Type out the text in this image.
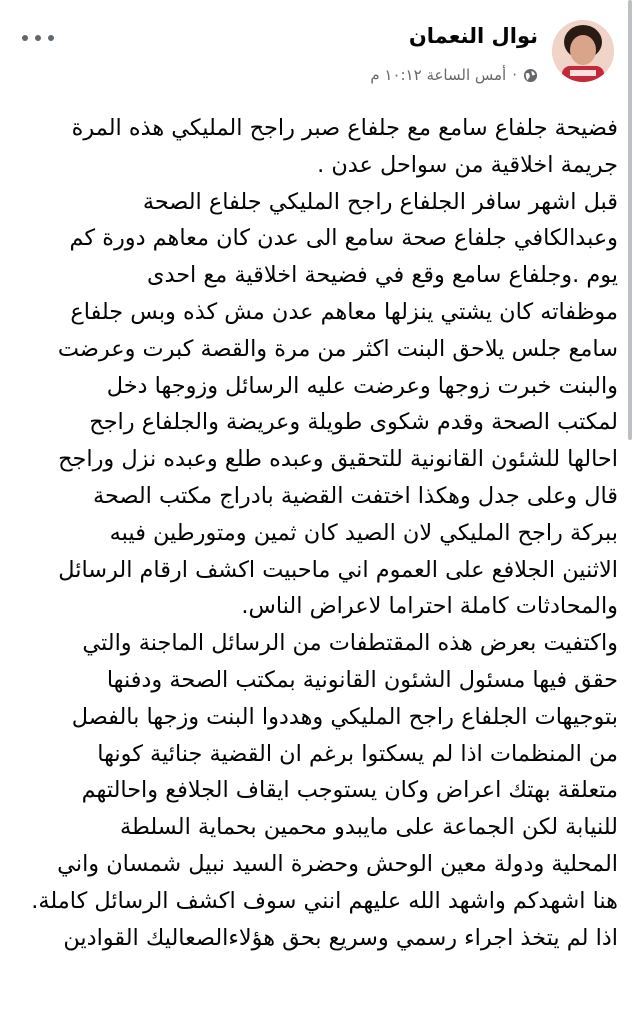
نوال النعمان
أمس الساعة ١٠:١٢ م ·

فضيحة جلفاع سامع مع جلفاع صبر راجح المليكي هذه المرة

جريمة اخلاقية من سواحل عدن .

قبل اشهر سافر الجلفاع راجح المليكي جلفاع الصحة

وعبدالكافي جلفاع صحة سامع الى عدن كان معاهم دورة كم

يوم .وجلفاع سامع وقع في فضيحة اخلاقية مع احدى

موظفاته كان يشتي ينزلها معاهم عدن مش كذه وبس جلفاع

سامع جلس يلاحق البنت اكثر من مرة والقصة كبرت وعرضت

والبنت خبرت زوجها وعرضت عليه الرسائل وزوجها دخل

لمكتب الصحة وقدم شكوى طويلة وعريضة والجلفاع راجح

احالها للشئون القانونية للتحقيق وعبده طلع وعبده نزل وراجح

قال وعلى جدل وهكذا اختفت القضية بادراج مكتب الصحة

ببركة راجح المليكي لان الصيد كان ثمين ومتورطين فيبه

الاثنين الجلافع على العموم اني ماحبيت اكشف ارقام الرسائل

والمحادثات كاملة احتراما لاعراض الناس.

واكتفيت بعرض هذه المقتطفات من الرسائل الماجنة والتي

حقق فيها مسئول الشئون القانونية بمكتب الصحة ودفنها

بتوجيهات الجلفاع راجح المليكي وهددوا البنت وزجها بالفصل

من المنظمات اذا لم يسكتوا برغم ان القضية جنائية كونها

متعلقة بهتك اعراض وكان يستوجب ايقاف الجلافع واحالتهم

للنيابة لكن الجماعة على مايبدو محمين بحماية السلطة

المحلية ودولة معين الوحش وحضرة السيد نبيل شمسان واني

هنا اشهدكم واشهد الله عليهم انني سوف اكشف الرسائل كاملة.

اذا لم يتخذ اجراء رسمي وسريع بحق هؤلاءالصعاليك القوادين
